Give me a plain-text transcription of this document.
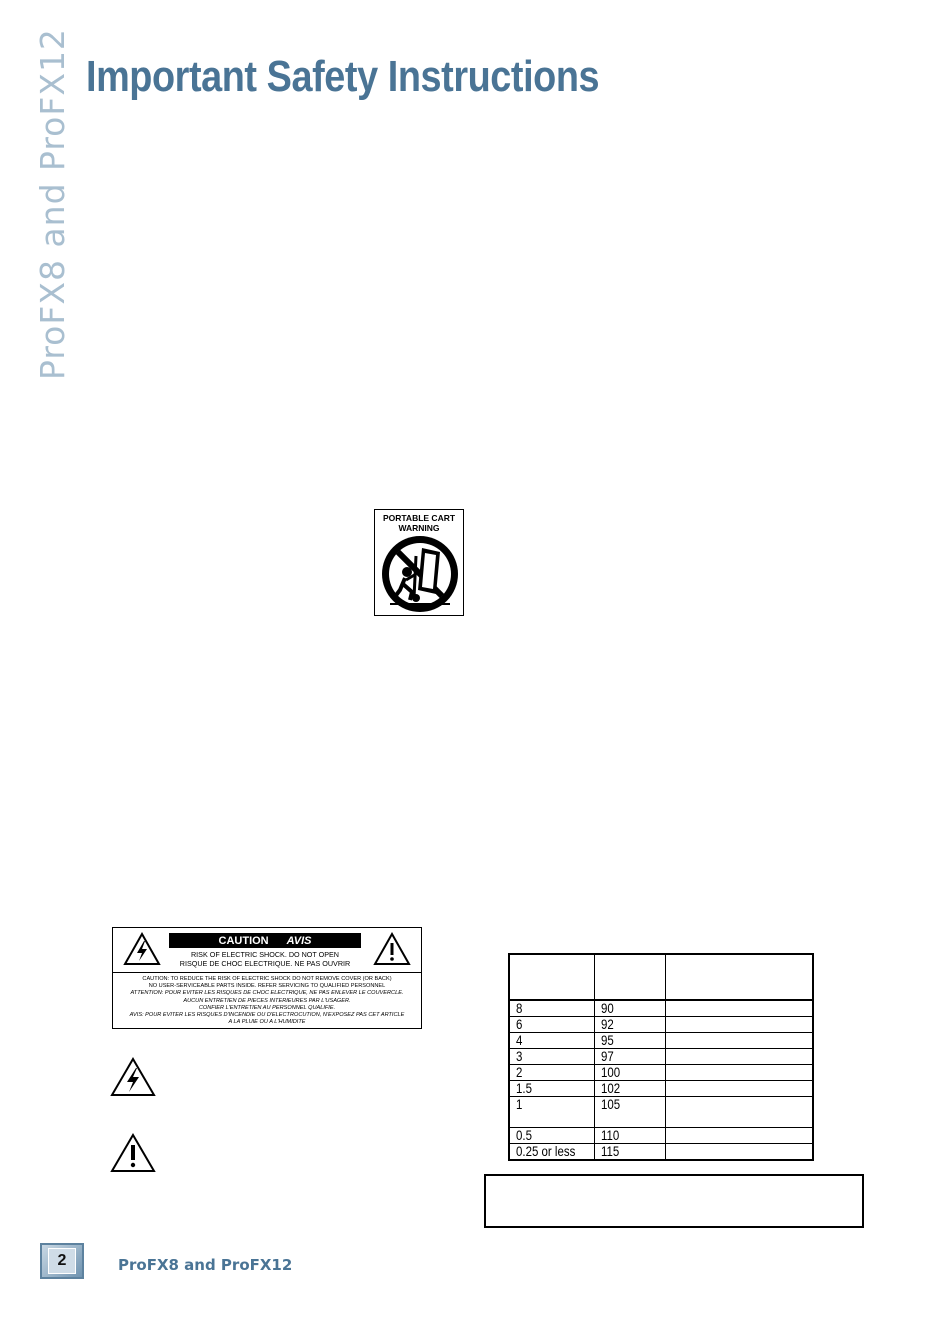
ProFX8 and ProFX12 Important Safety Instructions
PORTABLE CART
WARNING
CAUTION AVIS
RISK OF ELECTRIC SHOCK. DO NOT OPEN
RISQUE DE CHOC ELECTRIQUE. NE PAS OUVRIR
CAUTION: TO REDUCE THE RISK OF ELECTRIC SHOCK DO NOT REMOVE COVER (OR BACK)
NO USER-SERVICEABLE PARTS INSIDE. REFER SERVICING TO QUALIFIED PERSONNEL
ATTENTION: POUR EVITER LES RISQUES DE CHOC ELECTRIQUE, NE PAS ENLEVER LE COUVERCLE.
AUCUN ENTRETIEN DE PIECES INTERIEURES PAR L'USAGER.
CONFIER L'ENTRETIEN AU PERSONNEL QUALIFIE.
AVIS: POUR EVITER LES RISQUES D'INCENDIE OU D'ELECTROCUTION, N'EXPOSEZ PAS CET ARTICLE
A LA PLUIE OU A L'HUMIDITE

8	90	
6	92	
4	95	
3	97	
2	100	
1.5	102	
1	105	
0.5	110	
0.25 or less	115	
2	ProFX8 and ProFX12
